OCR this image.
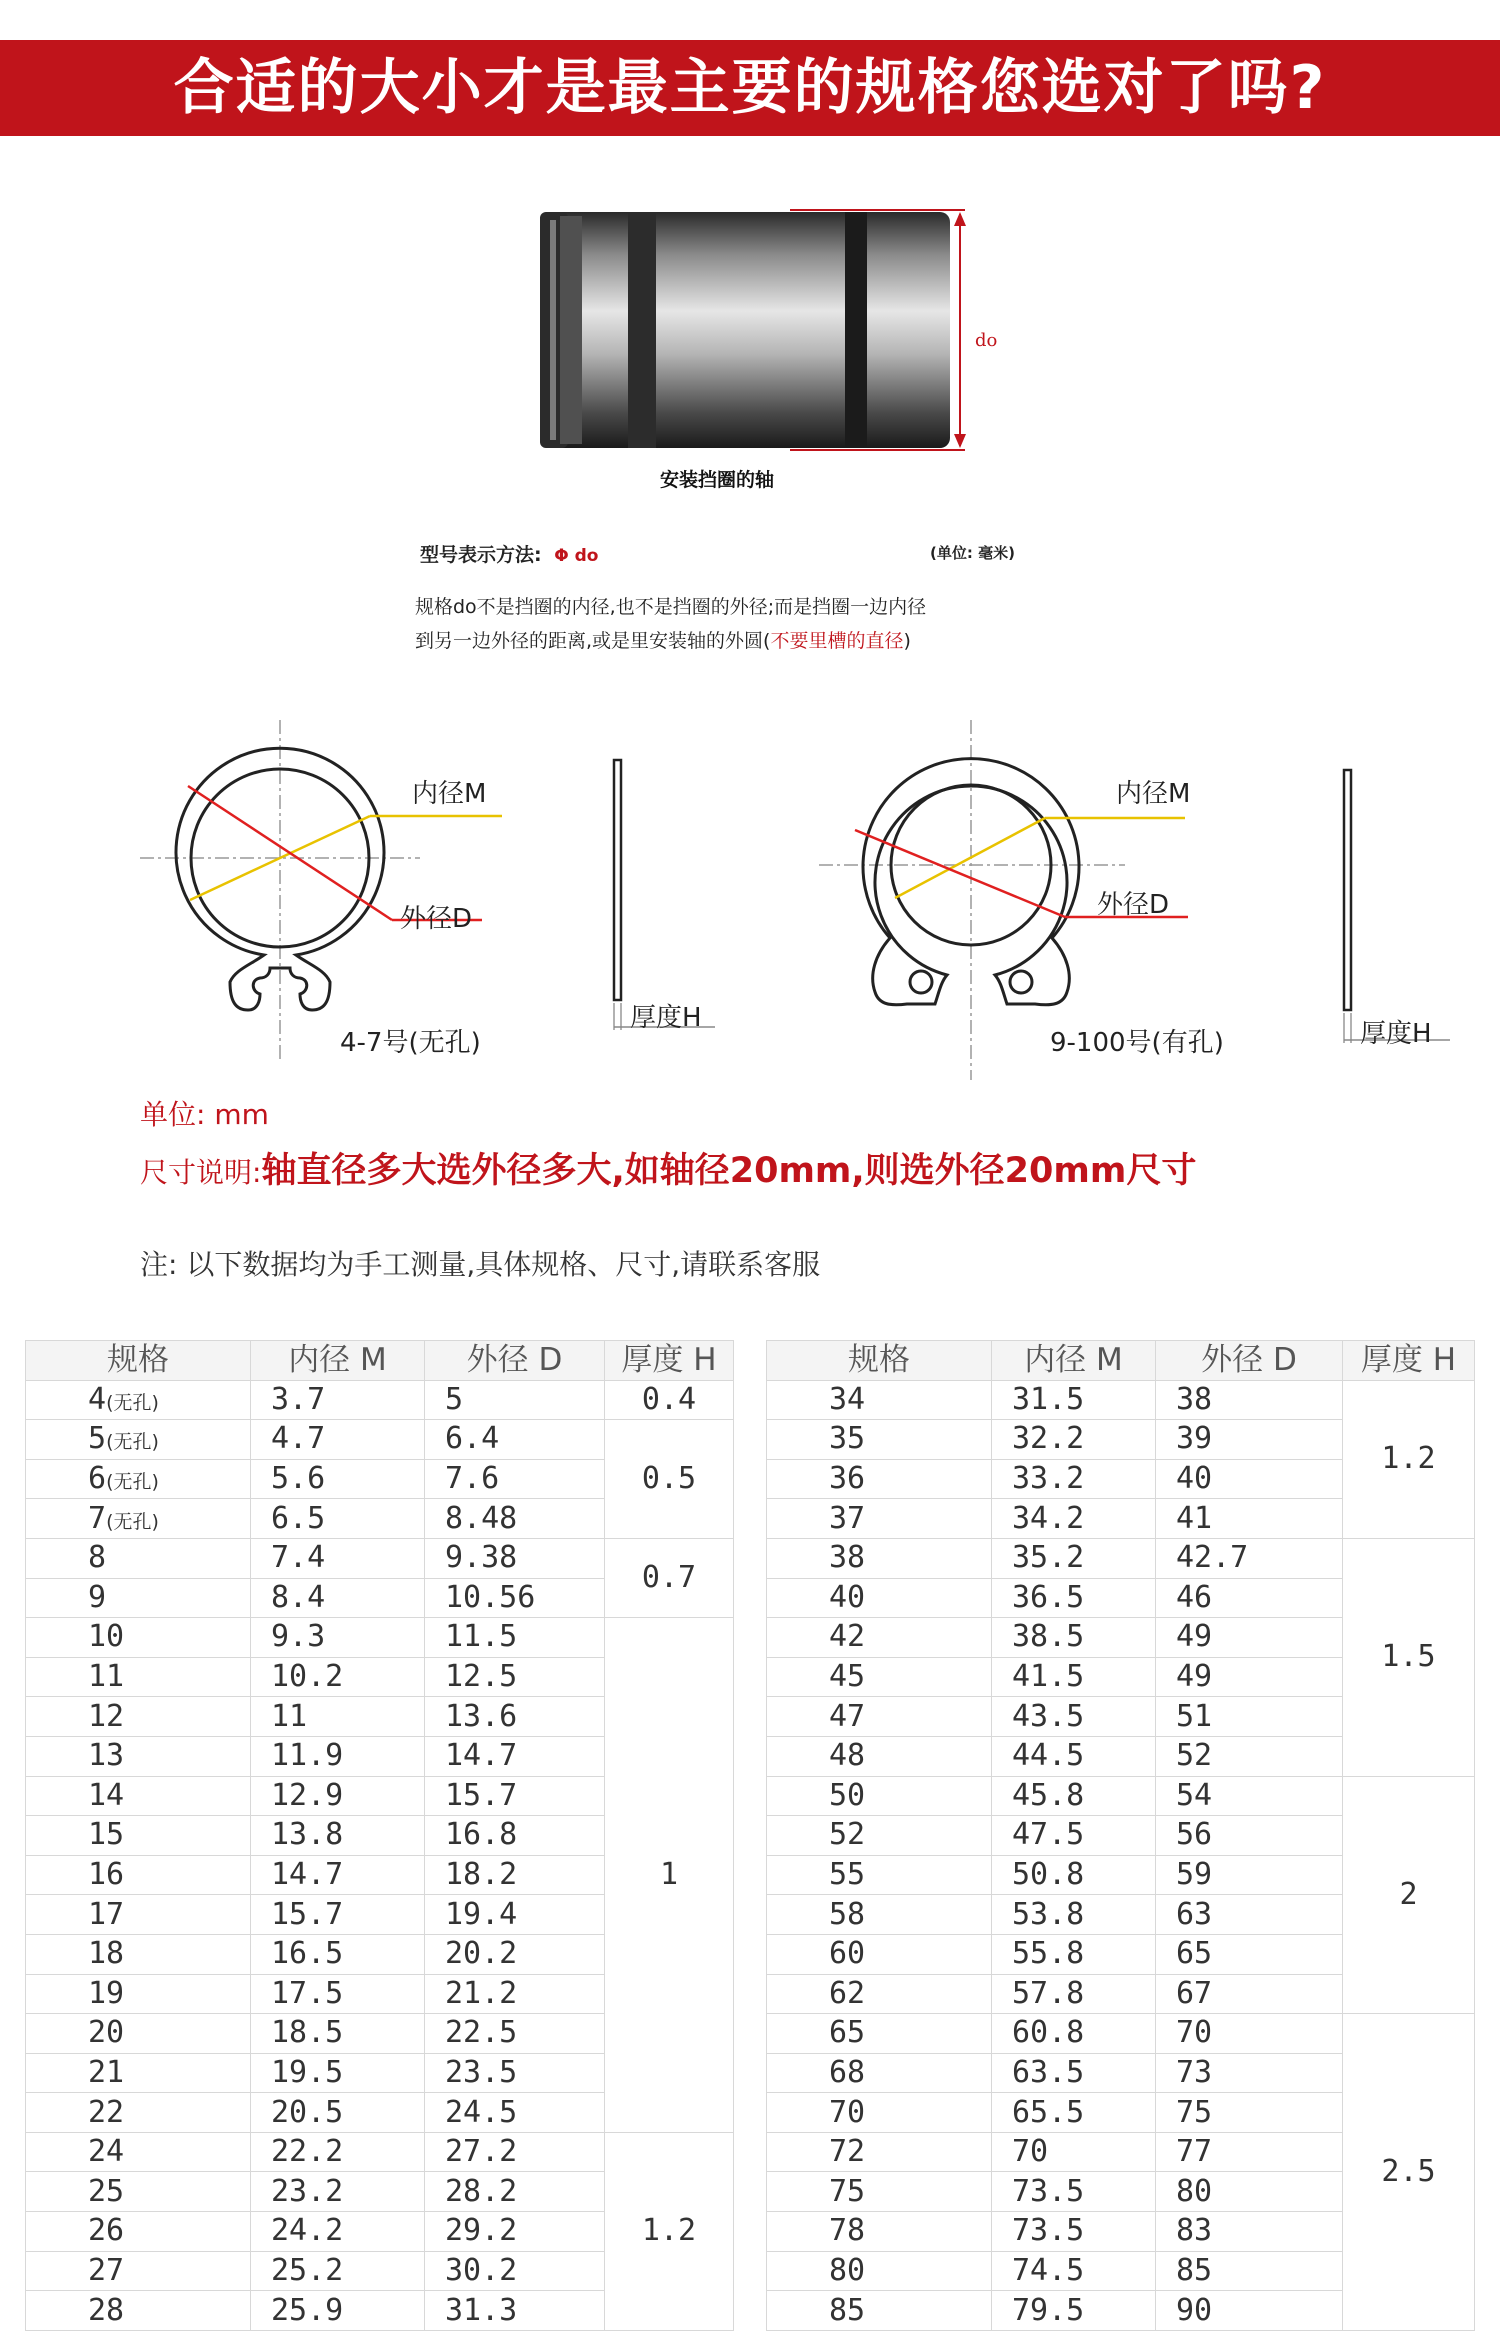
合适的大小才是最主要的规格您选对了吗?
do
安装挡圈的轴
型号表示方法: Φ do	(单位: 毫米)
规格do不是挡圈的内径,也不是挡圈的外径;而是挡圈一边内径
到另一边外径的距离,或是里安装轴的外圆(不要里槽的直径)
内径M
外径D
4-7号(无孔)
厚度H
内径M
外径D
9-100号(有孔)	厚度H
单位: mm
尺寸说明:轴直径多大选外径多大,如轴径20mm,则选外径20mm尺寸
注: 以下数据均为手工测量,具体规格、尺寸,请联系客服
规格	内径 M	外径 D	厚度 H
4(无孔)	3.7	5	0.4
5(无孔)	4.7	6.4	0.5
6(无孔)	5.6	7.6	
7(无孔)	6.5	8.48	
8	7.4	9.38	0.7
9	8.4	10.56	
10	9.3	11.5	1
11	10.2	12.5	
12	11	13.6	
13	11.9	14.7	
14	12.9	15.7	
15	13.8	16.8	
16	14.7	18.2	
17	15.7	19.4	
18	16.5	20.2	
19	17.5	21.2	
20	18.5	22.5	
21	19.5	23.5	
22	20.5	24.5	
24	22.2	27.2	1.2
25	23.2	28.2	
26	24.2	29.2	
27	25.2	30.2	
28	25.9	31.3	
规格	内径 M	外径 D	厚度 H
34	31.5	38	1.2
35	32.2	39	
36	33.2	40	
37	34.2	41	
38	35.2	42.7	1.5
40	36.5	46	
42	38.5	49	
45	41.5	49	
47	43.5	51	
48	44.5	52	
50	45.8	54	2
52	47.5	56	
55	50.8	59	
58	53.8	63	
60	55.8	65	
62	57.8	67	
65	60.8	70	2.5
68	63.5	73	
70	65.5	75	
72	70	77	
75	73.5	80	
78	73.5	83	
80	74.5	85	
85	79.5	90	
